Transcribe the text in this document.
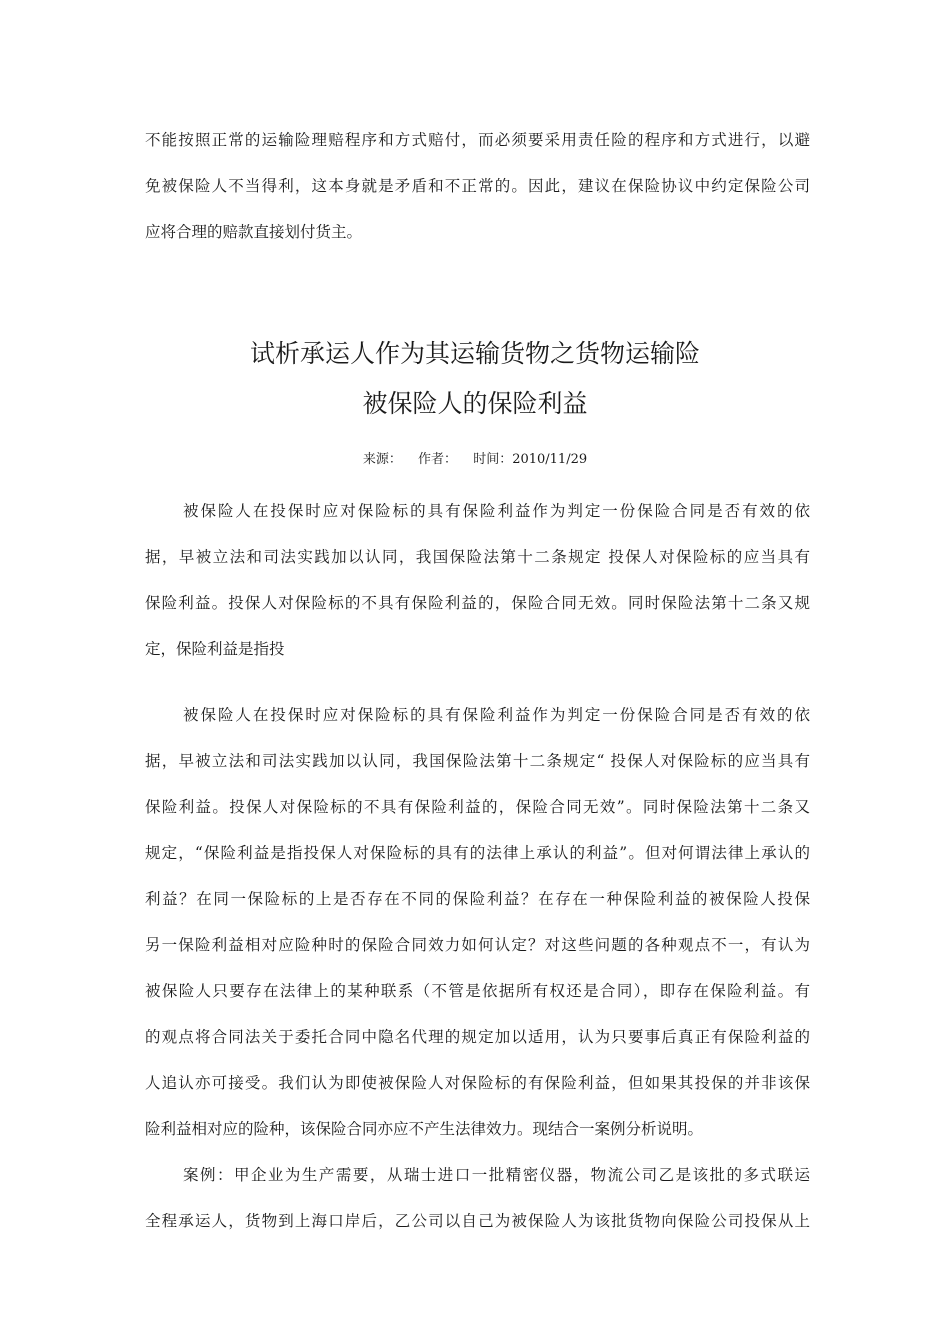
不能按照正常的运输险理赔程序和方式赔付，而必须要采用责任险的程序和方式进行，以避
免被保险人不当得利，这本身就是矛盾和不正常的。因此，建议在保险协议中约定保险公司
应将合理的赔款直接划付货主。
试析承运人作为其运输货物之货物运输险
被保险人的保险利益
来源： 作者： 时间：2010/11/29
被保险人在投保时应对保险标的具有保险利益作为判定一份保险合同是否有效的依
据，早被立法和司法实践加以认同，我国保险法第十二条规定 投保人对保险标的应当具有
保险利益。投保人对保险标的不具有保险利益的，保险合同无效。同时保险法第十二条又规
定，保险利益是指投
被保险人在投保时应对保险标的具有保险利益作为判定一份保险合同是否有效的依
据，早被立法和司法实践加以认同，我国保险法第十二条规定“ 投保人对保险标的应当具有
保险利益。投保人对保险标的不具有保险利益的，保险合同无效”。同时保险法第十二条又
规定，“保险利益是指投保人对保险标的具有的法律上承认的利益”。但对何谓法律上承认的
利益？在同一保险标的上是否存在不同的保险利益？在存在一种保险利益的被保险人投保
另一保险利益相对应险种时的保险合同效力如何认定？对这些问题的各种观点不一，有认为
被保险人只要存在法律上的某种联系（不管是依据所有权还是合同），即存在保险利益。有
的观点将合同法关于委托合同中隐名代理的规定加以适用，认为只要事后真正有保险利益的
人追认亦可接受。我们认为即使被保险人对保险标的有保险利益，但如果其投保的并非该保
险利益相对应的险种，该保险合同亦应不产生法律效力。现结合一案例分析说明。
案例：甲企业为生产需要，从瑞士进口一批精密仪器，物流公司乙是该批的多式联运
全程承运人，货物到上海口岸后，乙公司以自己为被保险人为该批货物向保险公司投保从上
